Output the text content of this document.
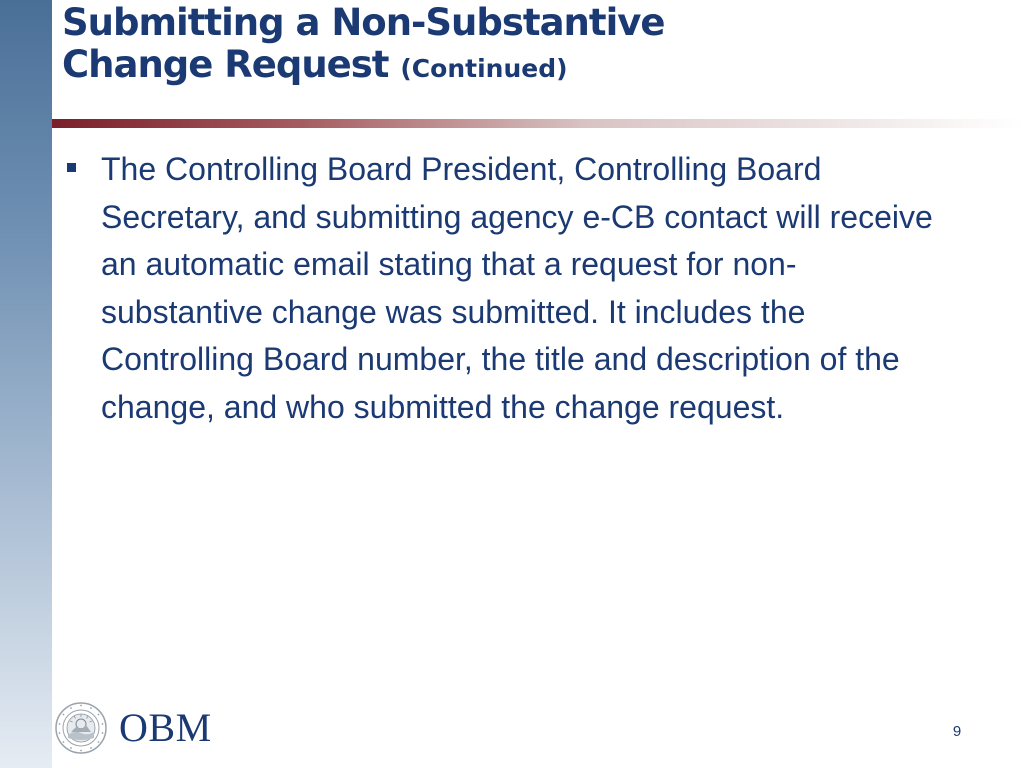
Submitting a Non-Substantive
Change Request (Continued)
The Controlling Board President, Controlling Board Secretary, and submitting agency e-CB contact will receive an automatic email stating that a request for non-substantive change was submitted. It includes the Controlling Board number, the title and description of the change, and who submitted the change request.
OBM	9
